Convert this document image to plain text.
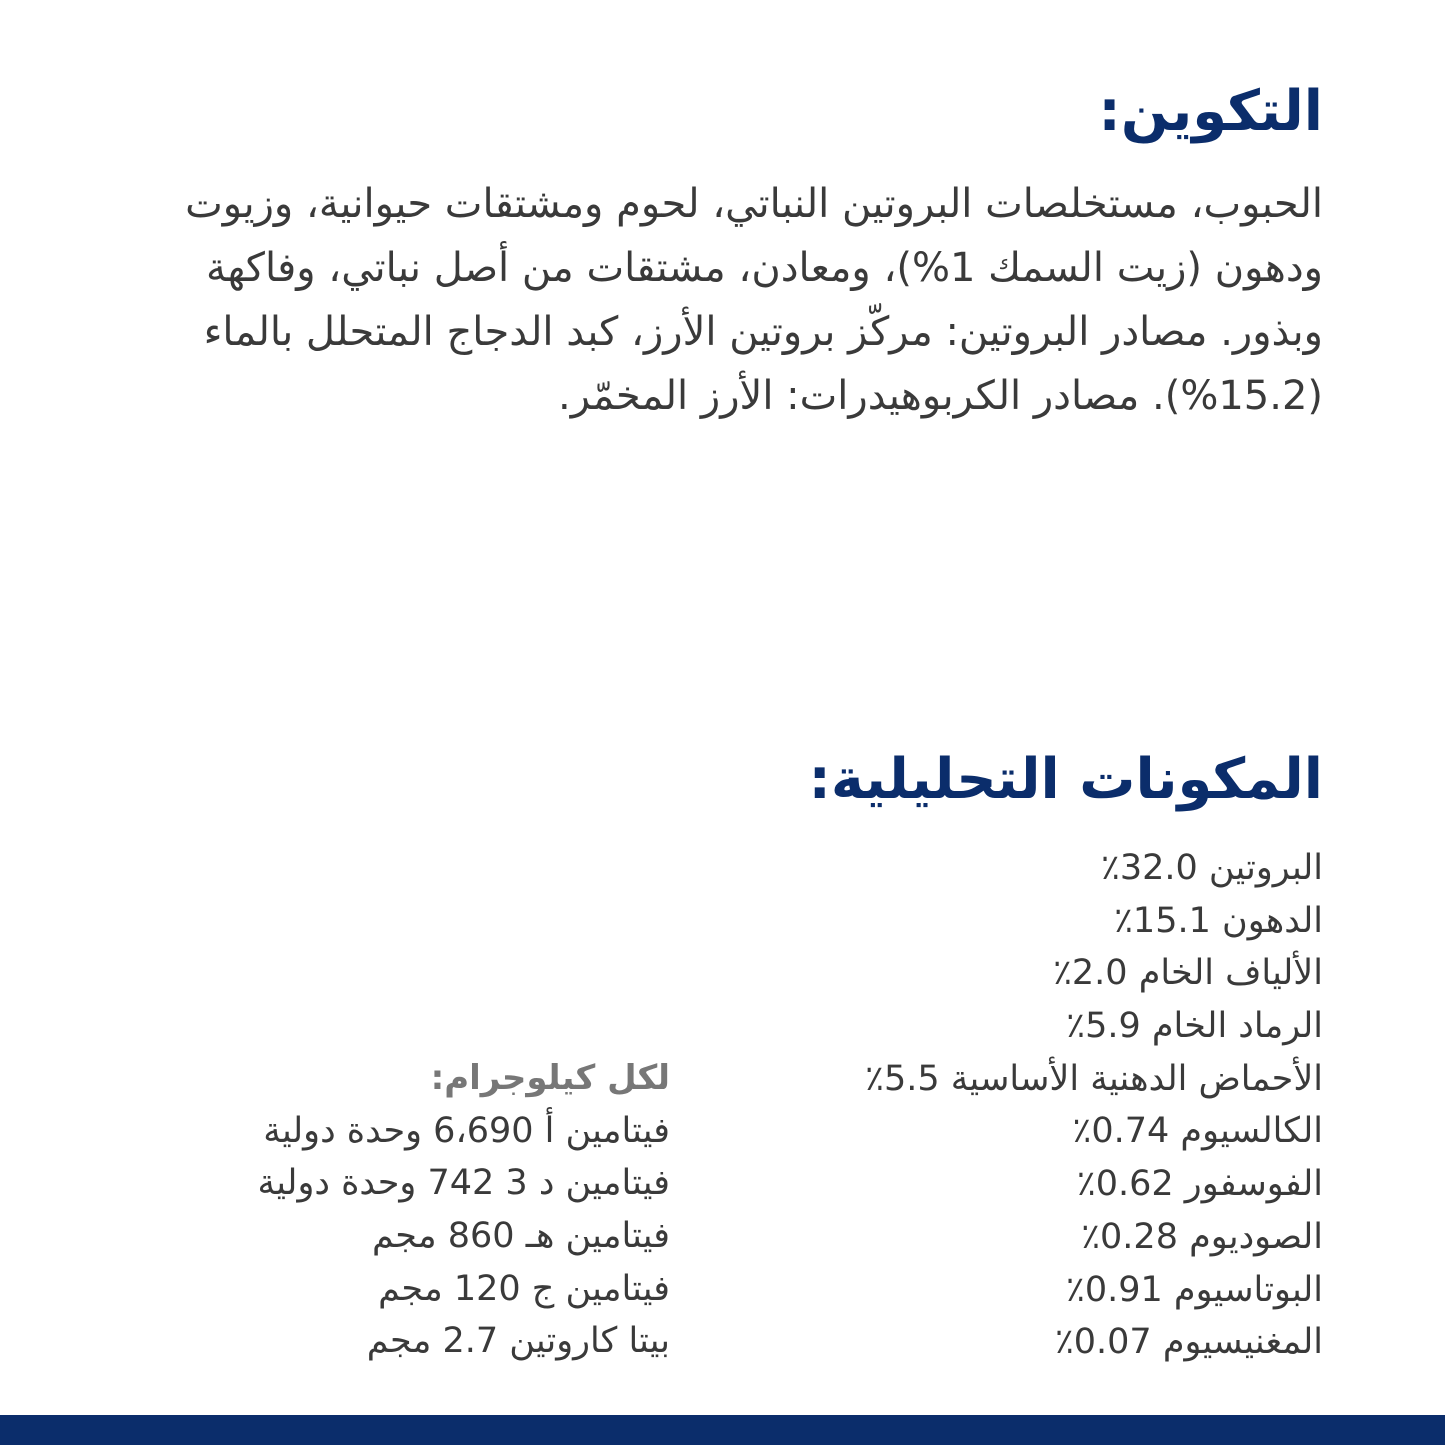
التكوين:

الحبوب، مستخلصات البروتين النباتي، لحوم ومشتقات حيوانية، وزيوت ودهون (زيت السمك 1%)، ومعادن، مشتقات من أصل نباتي، وفاكهة وبذور. مصادر البروتين: مركّز بروتين الأرز، كبد الدجاج المتحلل بالماء (15.2%). مصادر الكربوهيدرات: الأرز المخمّر.

المكونات التحليلية:
البروتين 32.0٪
الدهون 15.1٪
الألياف الخام 2.0٪
الرماد الخام 5.9٪
الأحماض الدهنية الأساسية 5.5٪
الكالسيوم 0.74٪
الفوسفور 0.62٪
الصوديوم 0.28٪
البوتاسيوم 0.91٪
المغنيسيوم 0.07٪
لكل كيلوجرام:
فيتامين أ 6،690 وحدة دولية
فيتامين د 3 742 وحدة دولية
فيتامين هـ 860 مجم
فيتامين ج 120 مجم
بيتا كاروتين 2.7 مجم
